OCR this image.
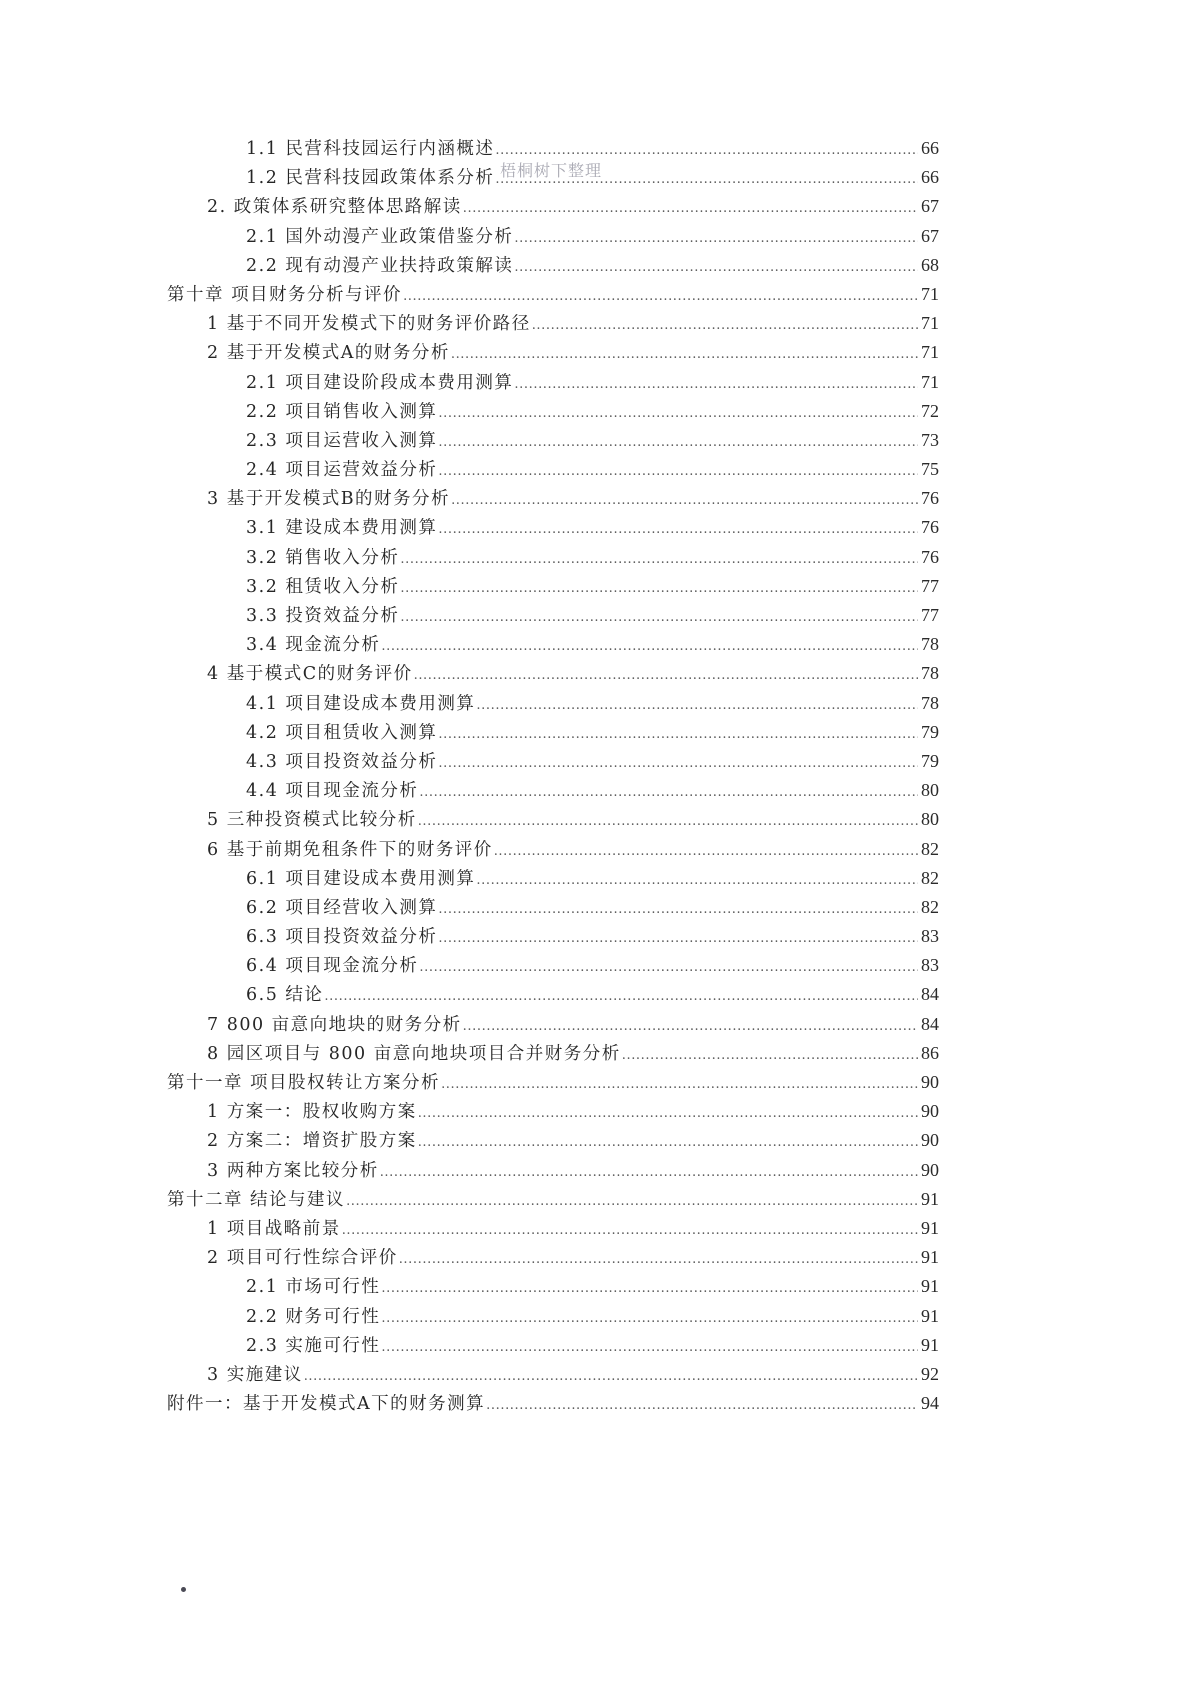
1.1 民营科技园运行内涵概述 .....	66
1.2 民营科技园政策体系分析 .....	66
2. 政策体系研究整体思路解读 .....	67
2.1 国外动漫产业政策借鉴分析 .....	67
2.2 现有动漫产业扶持政策解读 .....	68
第十章 项目财务分析与评价 .....	71
1 基于不同开发模式下的财务评价路径 .....	71
2 基于开发模式A的财务分析 .....	71
2.1 项目建设阶段成本费用测算 .....	71
2.2 项目销售收入测算 .....	72
2.3 项目运营收入测算 .....	73
2.4 项目运营效益分析 .....	75
3 基于开发模式B的财务分析 .....	76
3.1 建设成本费用测算 .....	76
3.2 销售收入分析 .....	76
3.2 租赁收入分析 .....	77
3.3 投资效益分析 .....	77
3.4 现金流分析 .....	78
4 基于模式C的财务评价 .....	78
4.1 项目建设成本费用测算 .....	78
4.2 项目租赁收入测算 .....	79
4.3 项目投资效益分析 .....	79
4.4 项目现金流分析 .....	80
5 三种投资模式比较分析 .....	80
6 基于前期免租条件下的财务评价 .....	82
6.1 项目建设成本费用测算 .....	82
6.2 项目经营收入测算 .....	82
6.3 项目投资效益分析 .....	83
6.4 项目现金流分析 .....	83
6.5 结论 .....	84
7 800 亩意向地块的财务分析 .....	84
8 园区项目与 800 亩意向地块项目合并财务分析 .....	86
第十一章 项目股权转让方案分析 .....	90
1 方案一：股权收购方案 .....	90
2 方案二：增资扩股方案 .....	90
3 两种方案比较分析 .....	90
第十二章 结论与建议 .....	91
1 项目战略前景 .....	91
2 项目可行性综合评价 .....	91
2.1 市场可行性 .....	91
2.2 财务可行性 .....	91
2.3 实施可行性 .....	91
3 实施建议 .....	92
附件一：基于开发模式A下的财务测算 .....	94
梧桐树下整理
